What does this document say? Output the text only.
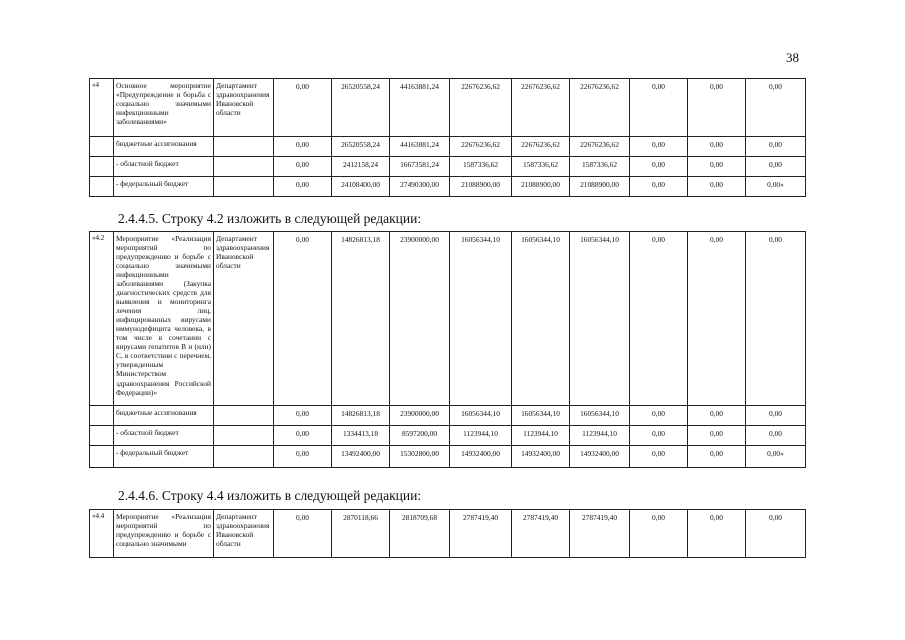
38
«4	Основное мероприятие «Предупреждение и борьба с социально значимыми инфекционными заболеваниями»	Департамент здравоохранения Ивановской области	0,00	26520558,24	44163881,24	22676236,62	22676236,62	22676236,62	0,00	0,00	0,00
	бюджетные ассигнования		0,00	26520558,24	44163881,24	22676236,62	22676236,62	22676236,62	0,00	0,00	0,00
	- областной бюджет		0,00	2412158,24	16673581,24	1587336,62	1587336,62	1587336,62	0,00	0,00	0,00
	- федеральный бюджет		0,00	24108400,00	27490300,00	21088900,00	21088900,00	21088900,00	0,00	0,00	0,00»
2.4.4.5. Строку 4.2 изложить в следующей редакции:
«4.2	Мероприятие «Реализация мероприятий по предупреждению и борьбе с социально значимыми инфекционными заболеваниями (Закупка диагностических средств для выявления и мониторинга лечения лиц, инфицированных вирусами иммунодефицита человека, в том числе в сочетании с вирусами гепатитов B и (или) C, в соответствии с перечнем, утвержденным Министерством здравоохранения Российской Федерации)»	Департамент здравоохранения Ивановской области	0,00	14826813,18	23900000,00	16056344,10	16056344,10	16056344,10	0,00	0,00	0,00
	бюджетные ассигнования		0,00	14826813,18	23900000,00	16056344,10	16056344,10	16056344,10	0,00	0,00	0,00
	- областной бюджет		0,00	1334413,18	8597200,00	1123944,10	1123944,10	1123944,10	0,00	0,00	0,00
	- федеральный бюджет		0,00	13492400,00	15302800,00	14932400,00	14932400,00	14932400,00	0,00	0,00	0,00»
2.4.4.6. Строку 4.4 изложить в следующей редакции:
«4.4	Мероприятие «Реализация мероприятий по предупреждению и борьбе с социально значимыми	Департамент здравоохранения Ивановской области	0,00	2870118,66	2818709,68	2787419,40	2787419,40	2787419,40	0,00	0,00	0,00
